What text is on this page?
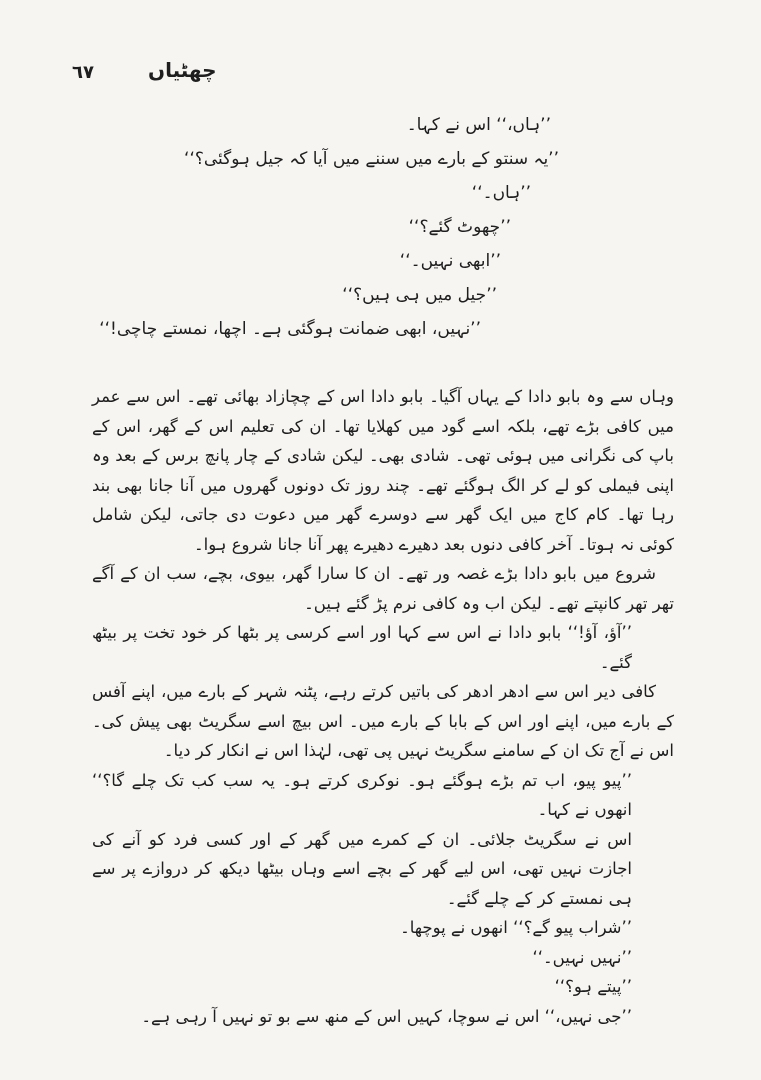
٦٧	چھٹیاں

’’ہاں،‘‘ اس نے کہا۔

’’یہ سنتو کے بارے میں سننے میں آیا کہ جیل ہوگئی؟‘‘

’’ہاں۔‘‘

’’چھوٹ گئے؟‘‘

’’ابھی نہیں۔‘‘

’’جیل میں ہی ہیں؟‘‘

’’نہیں، ابھی ضمانت ہوگئی ہے۔ اچھا، نمستے چاچی!‘‘

وہاں سے وہ بابو دادا کے یہاں آگیا۔ بابو دادا اس کے چچازاد بھائی تھے۔ اس سے عمر میں کافی بڑے تھے، بلکہ اسے گود میں کھلایا تھا۔ ان کی تعلیم اس کے گھر، اس کے باپ کی نگرانی میں ہوئی تھی۔ شادی بھی۔ لیکن شادی کے چار پانچ برس کے بعد وہ اپنی فیملی کو لے کر الگ ہوگئے تھے۔ چند روز تک دونوں گھروں میں آنا جانا بھی بند رہا تھا۔ کام کاج میں ایک گھر سے دوسرے گھر میں دعوت دی جاتی، لیکن شامل کوئی نہ ہوتا۔ آخر کافی دنوں بعد دھیرے دھیرے پھر آنا جانا شروع ہوا۔

شروع میں بابو دادا بڑے غصہ ور تھے۔ ان کا سارا گھر، بیوی، بچے، سب ان کے آگے تھر تھر کانپتے تھے۔ لیکن اب وہ کافی نرم پڑ گئے ہیں۔

’’آؤ، آؤ!‘‘ بابو دادا نے اس سے کہا اور اسے کرسی پر بٹھا کر خود تخت پر بیٹھ گئے۔

کافی دیر اس سے ادھر ادھر کی باتیں کرتے رہے، پٹنہ شہر کے بارے میں، اپنے آفس کے بارے میں، اپنے اور اس کے بابا کے بارے میں۔ اس بیچ اسے سگریٹ بھی پیش کی۔ اس نے آج تک ان کے سامنے سگریٹ نہیں پی تھی، لہٰذا اس نے انکار کر دیا۔

’’پیو پیو، اب تم بڑے ہوگئے ہو۔ نوکری کرتے ہو۔ یہ سب کب تک چلے گا؟‘‘ انھوں نے کہا۔

اس نے سگریٹ جلائی۔ ان کے کمرے میں گھر کے اور کسی فرد کو آنے کی اجازت نہیں تھی، اس لیے گھر کے بچے اسے وہاں بیٹھا دیکھ کر دروازے پر سے ہی نمستے کر کے چلے گئے۔

’’شراب پیو گے؟‘‘ انھوں نے پوچھا۔

’’نہیں نہیں۔‘‘

’’پیتے ہو؟‘‘

’’جی نہیں،‘‘ اس نے سوچا، کہیں اس کے منھ سے بو تو نہیں آ رہی ہے۔
